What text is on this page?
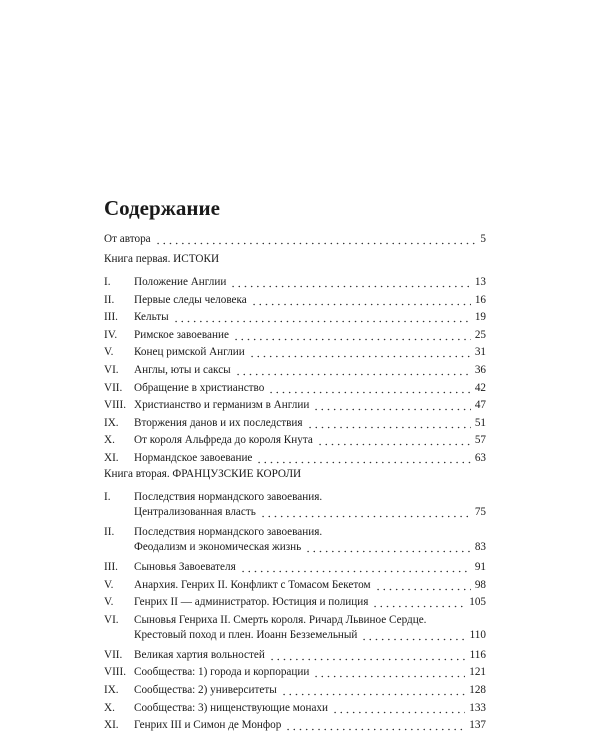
Содержание
От автора	5
Книга первая. ИСТОКИ
I.	Положение Англии	13
II.	Первые следы человека	16
III.	Кельты	19
IV.	Римское завоевание	25
V.	Конец римской Англии	31
VI.	Англы, юты и саксы	36
VII.	Обращение в христианство	42
VIII. Христианство и германизм в Англии	47
IX.	Вторжения данов и их последствия	51
X.	От короля Альфреда до короля Кнута	57
XI.	Нормандское завоевание	63
Книга вторая. ФРАНЦУЗСКИЕ КОРОЛИ
I. Последствия нормандского завоевания.
Централизованная власть	75
II. Последствия нормандского завоевания.
Феодализм и экономическая жизнь	83
III.	Сыновья Завоевателя	91
V.	Анархия. Генрих II. Конфликт с Томасом Бекетом	98
V.	Генрих II — администратор. Юстиция и полиция	105
VI. Сыновья Генриха II. Смерть короля. Ричард Львиное Сердце.
Крестовый поход и плен. Иоанн Безземельный	110
VII.	Великая хартия вольностей	116
VIII. Сообщества: 1) города и корпорации	121
IX.	Сообщества: 2) университеты	128
X.	Сообщества: 3) нищенствующие монахи	133
XI.	Генрих III и Симон де Монфор	137
